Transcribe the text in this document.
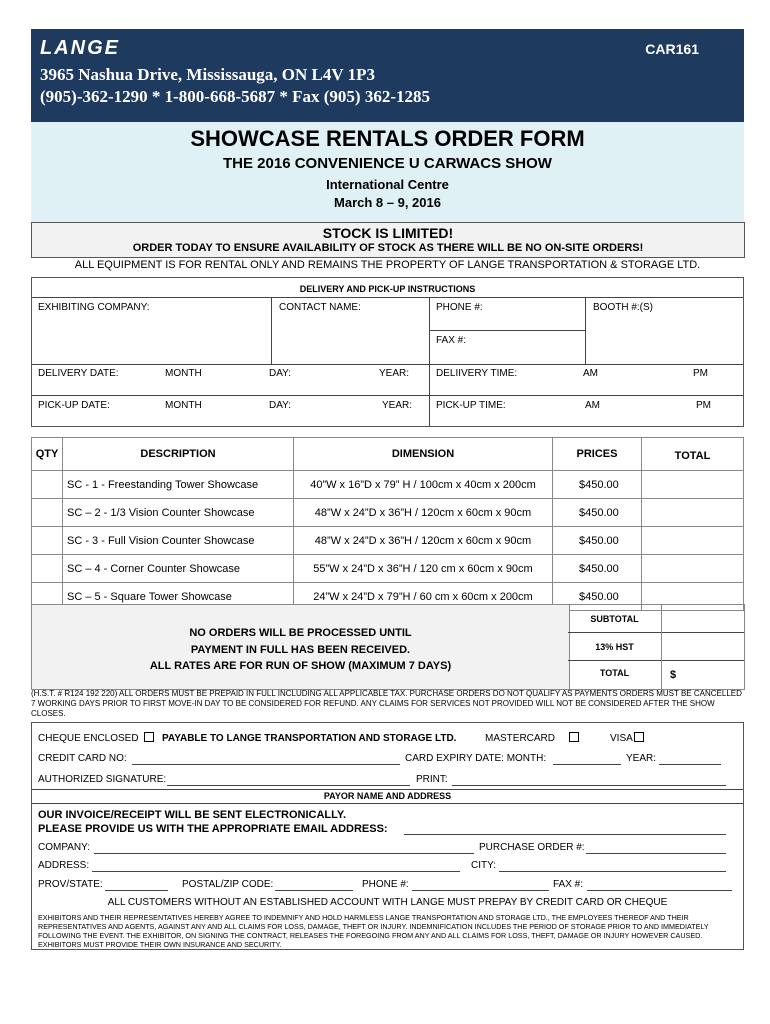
LANGE	CAR161
3965 Nashua Drive, Mississauga, ON L4V 1P3
(905)-362-1290 * 1-800-668-5687 * Fax (905) 362-1285
SHOWCASE RENTALS ORDER FORM
THE 2016 CONVENIENCE U CARWACS SHOW
International Centre
March 8 – 9, 2016
STOCK IS LIMITED!
ORDER TODAY TO ENSURE AVAILABILITY OF STOCK AS THERE WILL BE NO ON-SITE ORDERS!
ALL EQUIPMENT IS FOR RENTAL ONLY AND REMAINS THE PROPERTY OF LANGE TRANSPORTATION & STORAGE LTD.
DELIVERY AND PICK-UP INSTRUCTIONS
EXHIBITING COMPANY:	CONTACT NAME:	PHONE #:	BOOTH #:(S)
FAX #:
DELIVERY DATE:	MONTH	DAY:	YEAR:	DELIIVERY TIME:	AM	PM
PICK-UP DATE:	MONTH	DAY:	YEAR: PICK-UP TIME:	AM	PM
QTY	DESCRIPTION	DIMENSION	PRICES	TOTAL
	SC - 1 - Freestanding Tower Showcase	40”W x 16”D x 79” H / 100cm x 40cm x 200cm	$450.00	
	SC – 2 - 1/3 Vision Counter Showcase	48”W x 24”D x 36”H / 120cm x 60cm x 90cm	$450.00	
	SC - 3 - Full Vision Counter Showcase	48”W x 24”D x 36”H / 120cm x 60cm x 90cm	$450.00	
	SC – 4 - Corner Counter Showcase	55”W x 24”D x 36”H / 120 cm x 60cm x 90cm	$450.00	
	SC – 5 - Square Tower Showcase	24”W x 24”D x 79”H / 60 cm x 60cm x 200cm	$450.00	
NO ORDERS WILL BE PROCESSED UNTIL
PAYMENT IN FULL HAS BEEN RECEIVED.
ALL RATES ARE FOR RUN OF SHOW (MAXIMUM 7 DAYS)
SUBTOTAL
13% HST
TOTAL	$
(H.S.T. # R124 192 220) ALL ORDERS MUST BE PREPAID IN FULL INCLUDING ALL APPLICABLE TAX. PURCHASE ORDERS DO NOT QUALIFY AS PAYMENTS ORDERS MUST BE CANCELLED 7 WORKING DAYS PRIOR TO FIRST MOVE-IN DAY TO BE CONSIDERED FOR REFUND. ANY CLAIMS FOR SERVICES NOT PROVIDED WILL NOT BE CONSIDERED AFTER THE SHOW CLOSES.
CHEQUE ENCLOSED PAYABLE TO LANGE TRANSPORTATION AND STORAGE LTD.	MASTERCARD	VISA
CREDIT CARD NO:	CARD EXPIRY DATE: MONTH:	YEAR:
AUTHORIZED SIGNATURE:	PRINT:
PAYOR NAME AND ADDRESS
OUR INVOICE/RECEIPT WILL BE SENT ELECTRONICALLY.
PLEASE PROVIDE US WITH THE APPROPRIATE EMAIL ADDRESS:
COMPANY:	PURCHASE ORDER #:
ADDRESS:	CITY:
PROV/STATE:	POSTAL/ZIP CODE:	PHONE #:	FAX #:
ALL CUSTOMERS WITHOUT AN ESTABLISHED ACCOUNT WITH LANGE MUST PREPAY BY CREDIT CARD OR CHEQUE
EXHIBITORS AND THEIR REPRESENTATIVES HEREBY AGREE TO INDEMNIFY AND HOLD HARMLESS LANGE TRANSPORTATION AND STORAGE LTD., THE EMPLOYEES THEREOF AND THEIR REPRESENTATIVES AND AGENTS, AGAINST ANY AND ALL CLAIMS FOR LOSS, DAMAGE, THEFT OR INJURY. INDEMNIFICATION INCLUDES THE PERIOD OF STORAGE PRIOR TO AND IMMEDIATELY FOLLOWING THE EVENT. THE EXHIBITOR, ON SIGNING THE CONTRACT, RELEASES THE FOREGOING FROM ANY AND ALL CLAIMS FOR LOSS, THEFT, DAMAGE OR INJURY HOWEVER CAUSED. EXHIBITORS MUST PROVIDE THEIR OWN INSURANCE AND SECURITY.
